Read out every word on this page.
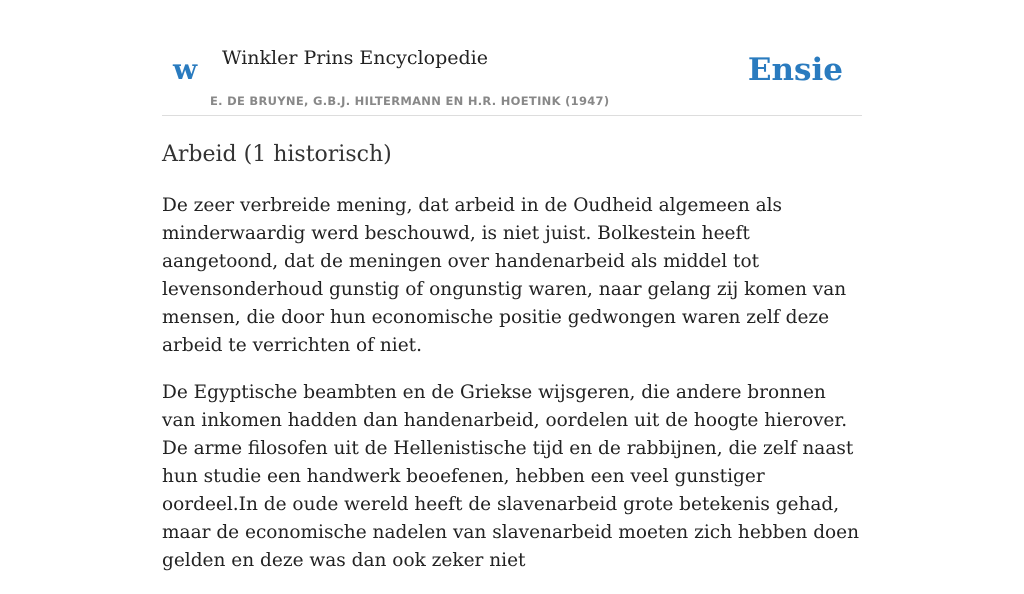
w Winkler Prins Encyclopedie
E. DE BRUYNE, G.B.J. HILTERMANN EN H.R. HOETINK (1947)
Ensie
Arbeid (1 historisch)

De zeer verbreide mening, dat arbeid in de Oudheid algemeen als minderwaardig werd beschouwd, is niet juist. Bolkestein heeft aangetoond, dat de meningen over handenarbeid als middel tot levensonderhoud gunstig of ongunstig waren, naar gelang zij komen van mensen, die door hun economische positie gedwongen waren zelf deze arbeid te verrichten of niet.

De Egyptische beambten en de Griekse wijsgeren, die andere bronnen van inkomen hadden dan handenarbeid, oordelen uit de hoogte hierover. De arme filosofen uit de Hellenistische tijd en de rabbijnen, die zelf naast hun studie een handwerk beoefenen, hebben een veel gunstiger oordeel.In de oude wereld heeft de slavenarbeid grote betekenis gehad, maar de economische nadelen van slavenarbeid moeten zich hebben doen gelden en deze was dan ook zeker niet
